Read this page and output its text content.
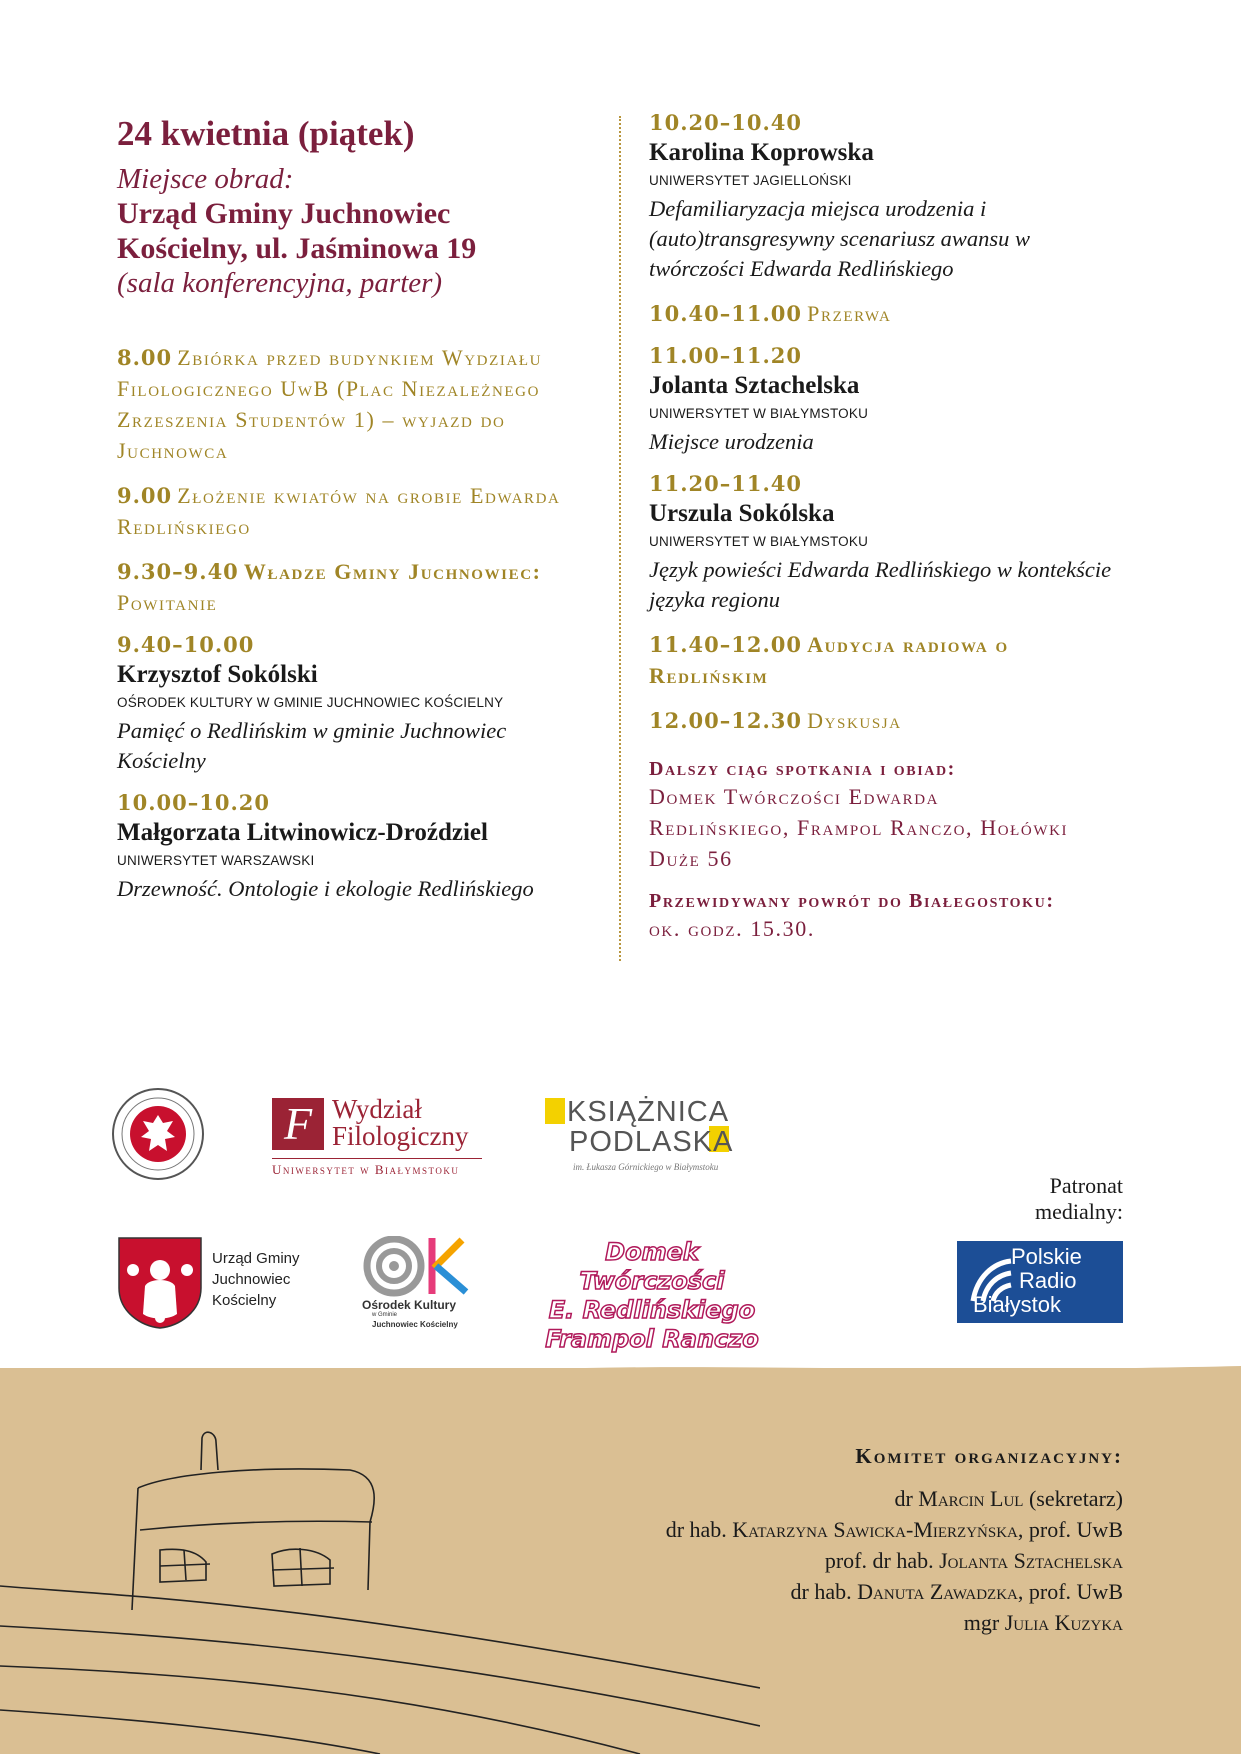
24 kwietnia (piątek)
Miejsce obrad:
Urząd Gminy Juchnowiec
Kościelny, ul. Jaśminowa 19
(sala konferencyjna, parter)
8.00 Zbiórka przed budynkiem Wydziału Filologicznego UwB (Plac Niezależnego Zrzeszenia Studentów 1) – wyjazd do Juchnowca
9.00 Złożenie kwiatów na grobie Edwarda Redlińskiego
9.30–9.40 Władze Gminy Juchnowiec: Powitanie
9.40–10.00
Krzysztof Sokólski
OŚRODEK KULTURY W GMINIE JUCHNOWIEC KOŚCIELNY
Pamięć o Redlińskim w gminie Juchnowiec Kościelny
10.00–10.20
Małgorzata Litwinowicz-Droździel
UNIWERSYTET WARSZAWSKI
Drzewność. Ontologie i ekologie Redlińskiego
10.20–10.40
Karolina Koprowska
UNIWERSYTET JAGIELLOŃSKI
Defamiliaryzacja miejsca urodzenia i (auto)transgresywny scenariusz awansu w twórczości Edwarda Redlińskiego
10.40–11.00 Przerwa
11.00–11.20
Jolanta Sztachelska
UNIWERSYTET W BIAŁYMSTOKU
Miejsce urodzenia
11.20–11.40
Urszula Sokólska
UNIWERSYTET W BIAŁYMSTOKU
Język powieści Edwarda Redlińskiego w kontekście języka regionu
11.40–12.00 Audycja radiowa o Redlińskim
12.00–12.30 Dyskusja
Dalszy ciąg spotkania i obiad:
Domek Twórczości Edwarda Redlińskiego, Frampol Ranczo, Hołówki Duże 56
Przewidywany powrót do Białegostoku:
ok. godz. 15.30.
F Wydział
Filologiczny
Uniwersytet w Białymstoku
KSIĄŻNICA
PODLASKA
im. Łukasza Górnickiego w Białymstoku
Urząd Gminy
Juchnowiec
Kościelny	Ośrodek Kultury
w Gminie
Juchnowiec Kościelny
Domek Twórczości
E. Redlińskiego
Frampol Ranczo
Patronat
medialny:
Polskie
Radio
Białystok
Komitet organizacyjny:
dr Marcin Lul (sekretarz)
dr hab. Katarzyna Sawicka-Mierzyńska, prof. UwB
prof. dr hab. Jolanta Sztachelska
dr hab. Danuta Zawadzka, prof. UwB
mgr Julia Kuzyka
